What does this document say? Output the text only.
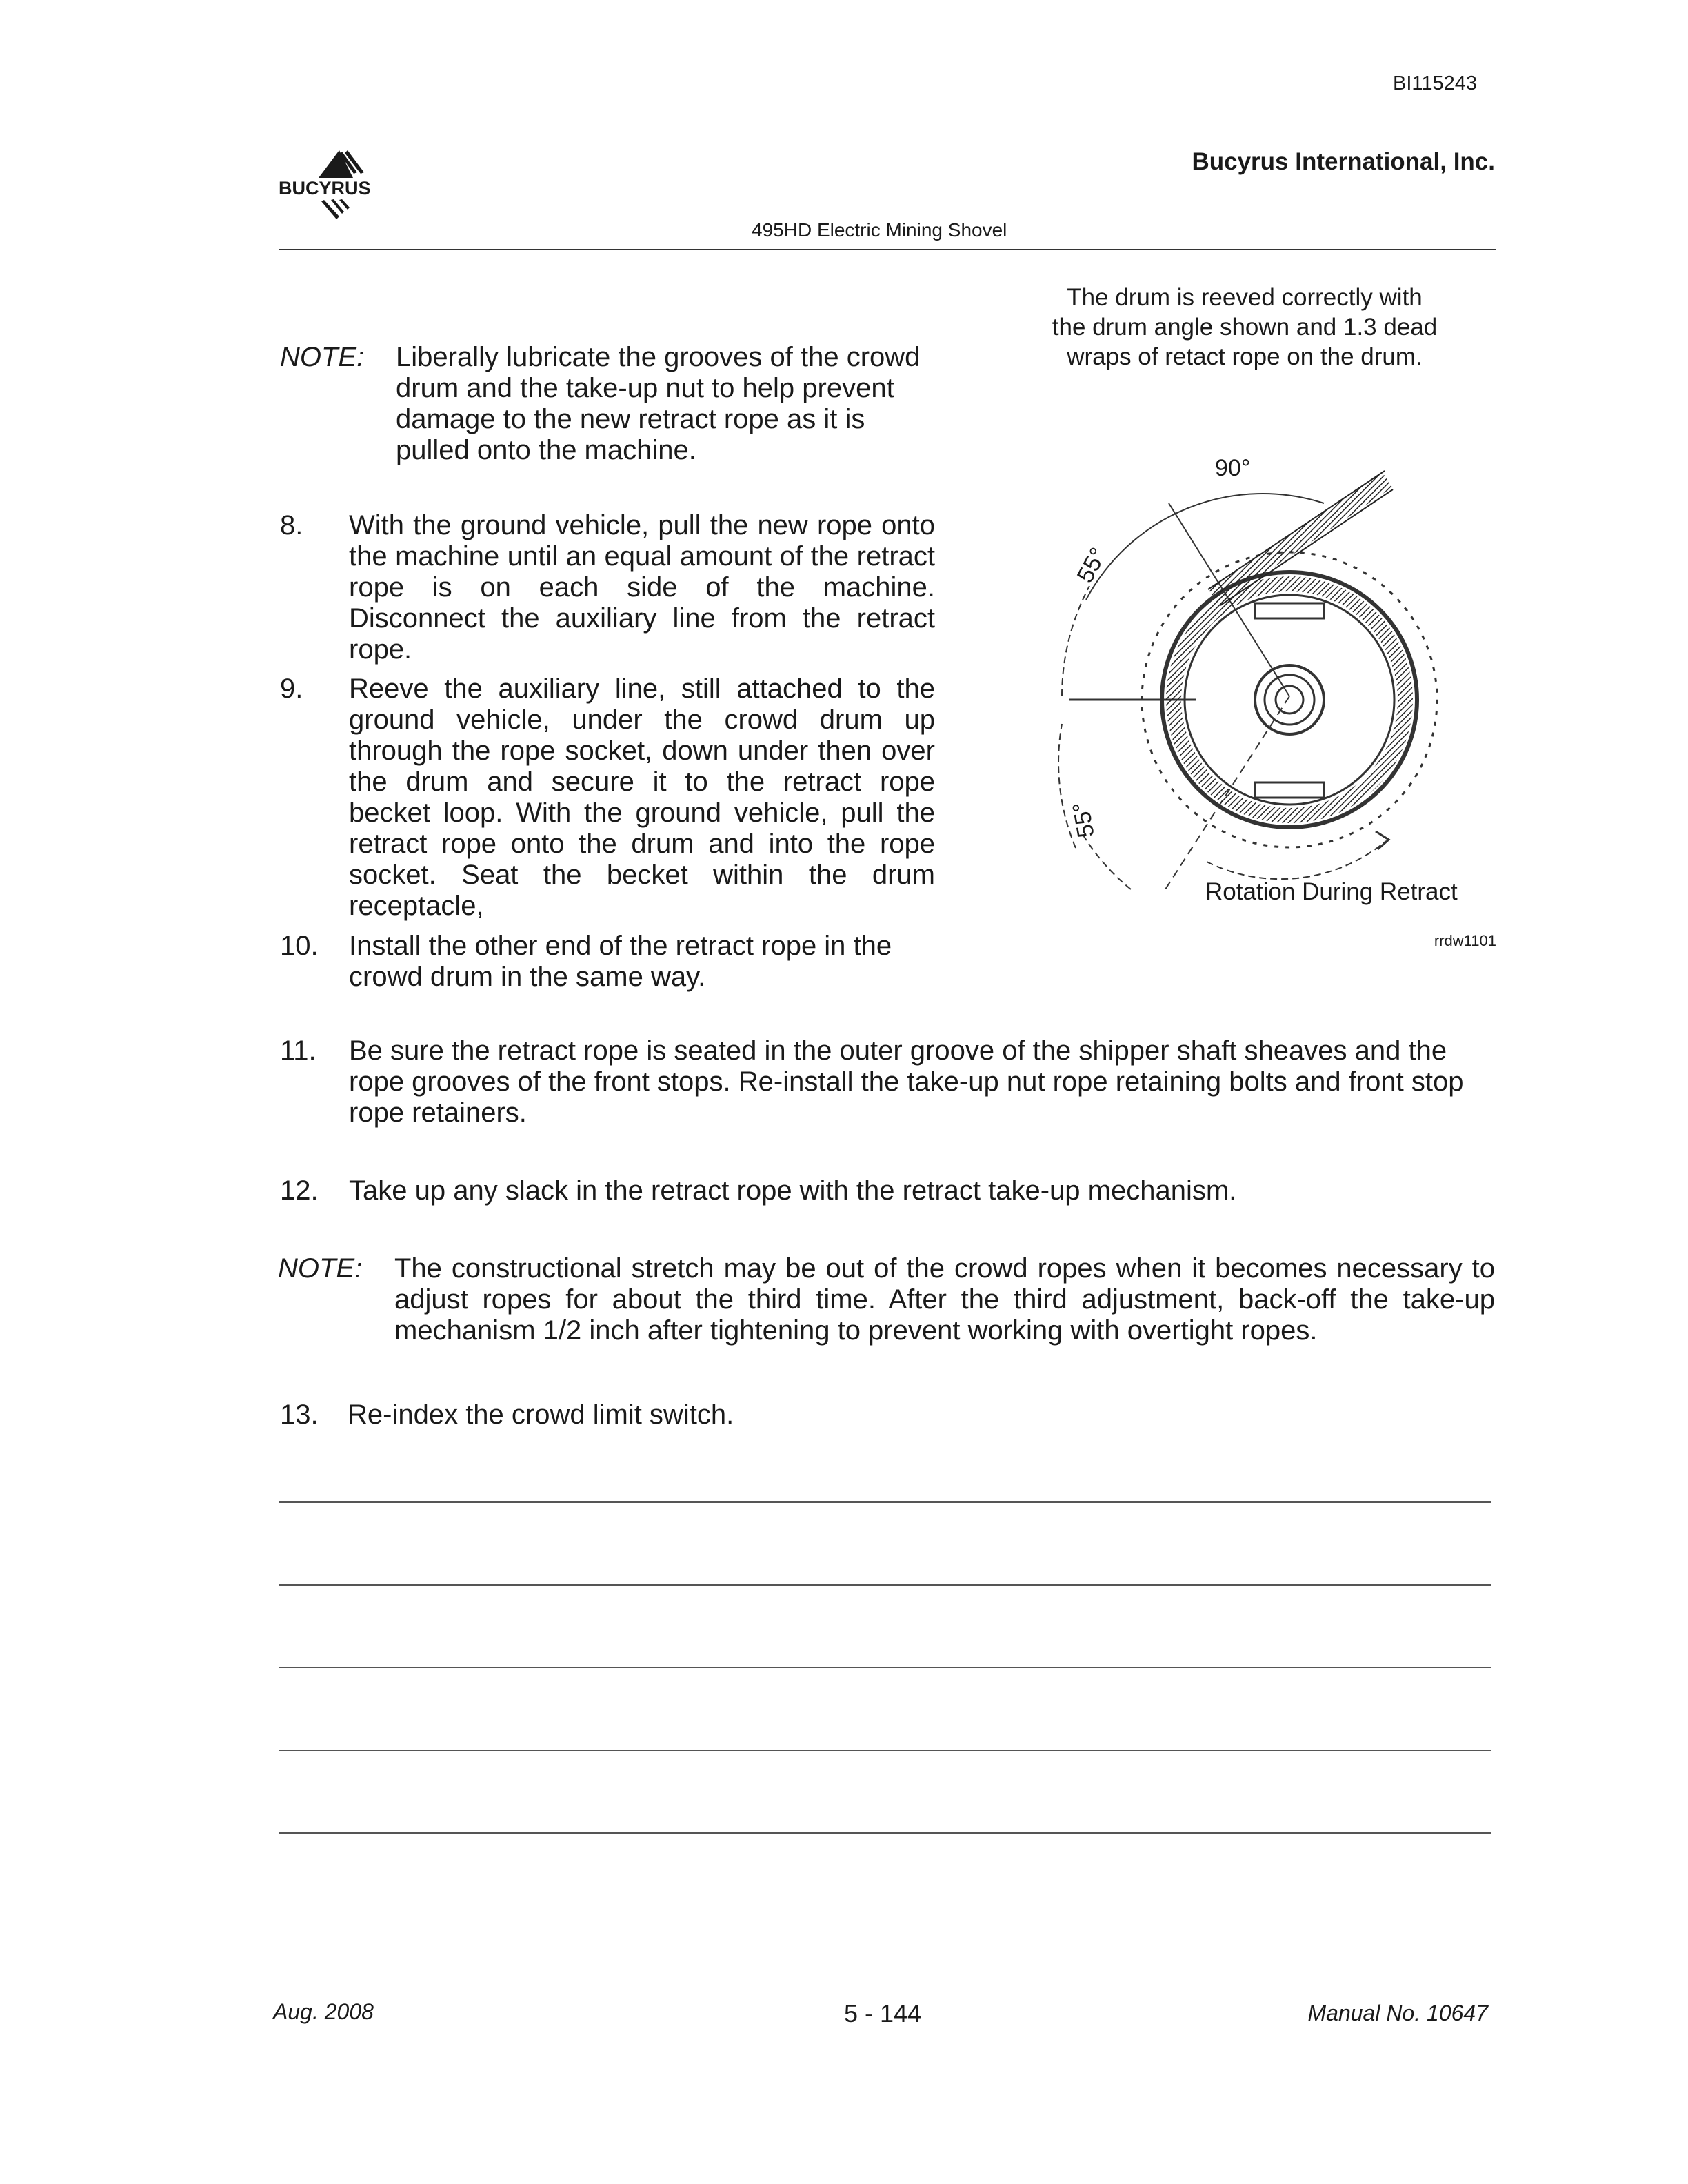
BI115243
BUCYRUS
Bucyrus International, Inc.
495HD Electric Mining Shovel
NOTE: Liberally lubricate the grooves of the crowd drum and the take-up nut to help prevent damage to the new retract rope as it is pulled onto the machine.
8.	With the ground vehicle, pull the new rope onto the machine until an equal amount of the retract rope is on each side of the machine. Disconnect the auxiliary line from the retract rope.
9.	Reeve the auxiliary line, still attached to the ground vehicle, under the crowd drum up through the rope socket, down under then over the drum and secure it to the retract rope becket loop. With the ground vehicle, pull the retract rope onto the drum and into the rope socket. Seat the becket within the drum receptacle,
10.	Install the other end of the retract rope in the crowd drum in the same way.
11.	Be sure the retract rope is seated in the outer groove of the shipper shaft sheaves and the rope grooves of the front stops. Re-install the take-up nut rope retaining bolts and front stop rope retainers.
12.	Take up any slack in the retract rope with the retract take-up mechanism.
NOTE: The constructional stretch may be out of the crowd ropes when it becomes necessary to adjust ropes for about the third time. After the third adjustment, back-off the take-up mechanism 1/2 inch after tightening to prevent working with overtight ropes.
13.	Re-index the crowd limit switch.
The drum is reeved correctly with the drum angle shown and 1.3 dead wraps of retact rope on the drum.
90°
55°
55°
Rotation During Retract
rrdw1101
Aug. 2008	5 - 144	Manual No. 10647
